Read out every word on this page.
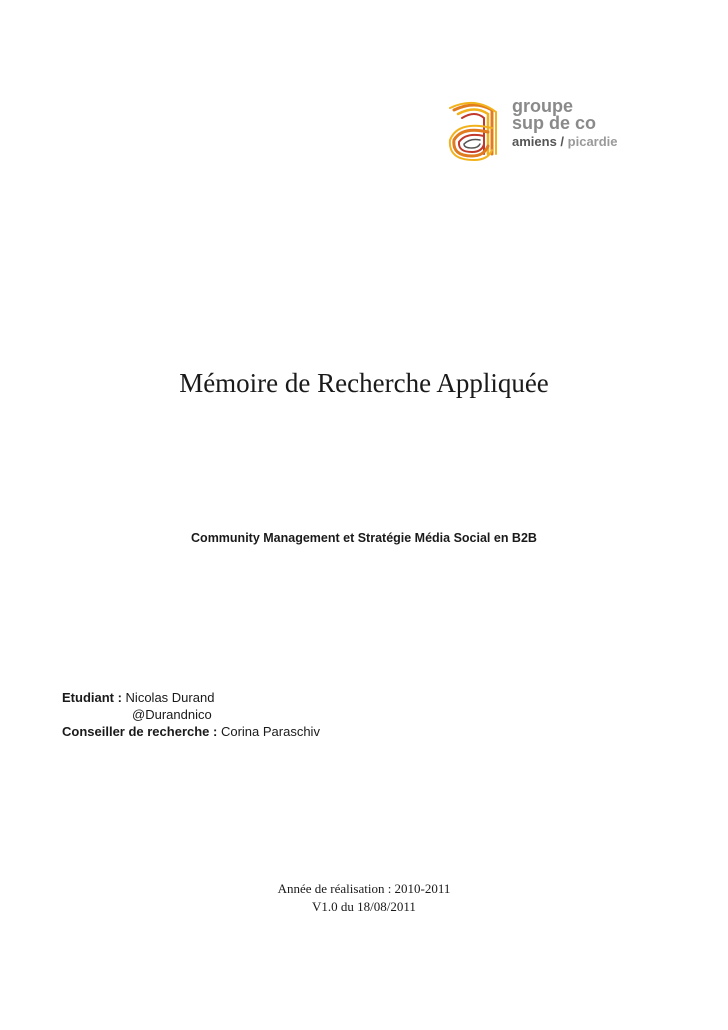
groupe
sup de co
amiens / picardie
Mémoire de Recherche Appliquée
Community Management et Stratégie Média Social en B2B
Etudiant : Nicolas Durand
@Durandnico
Conseiller de recherche : Corina Paraschiv
Année de réalisation : 2010-2011
V1.0 du 18/08/2011
